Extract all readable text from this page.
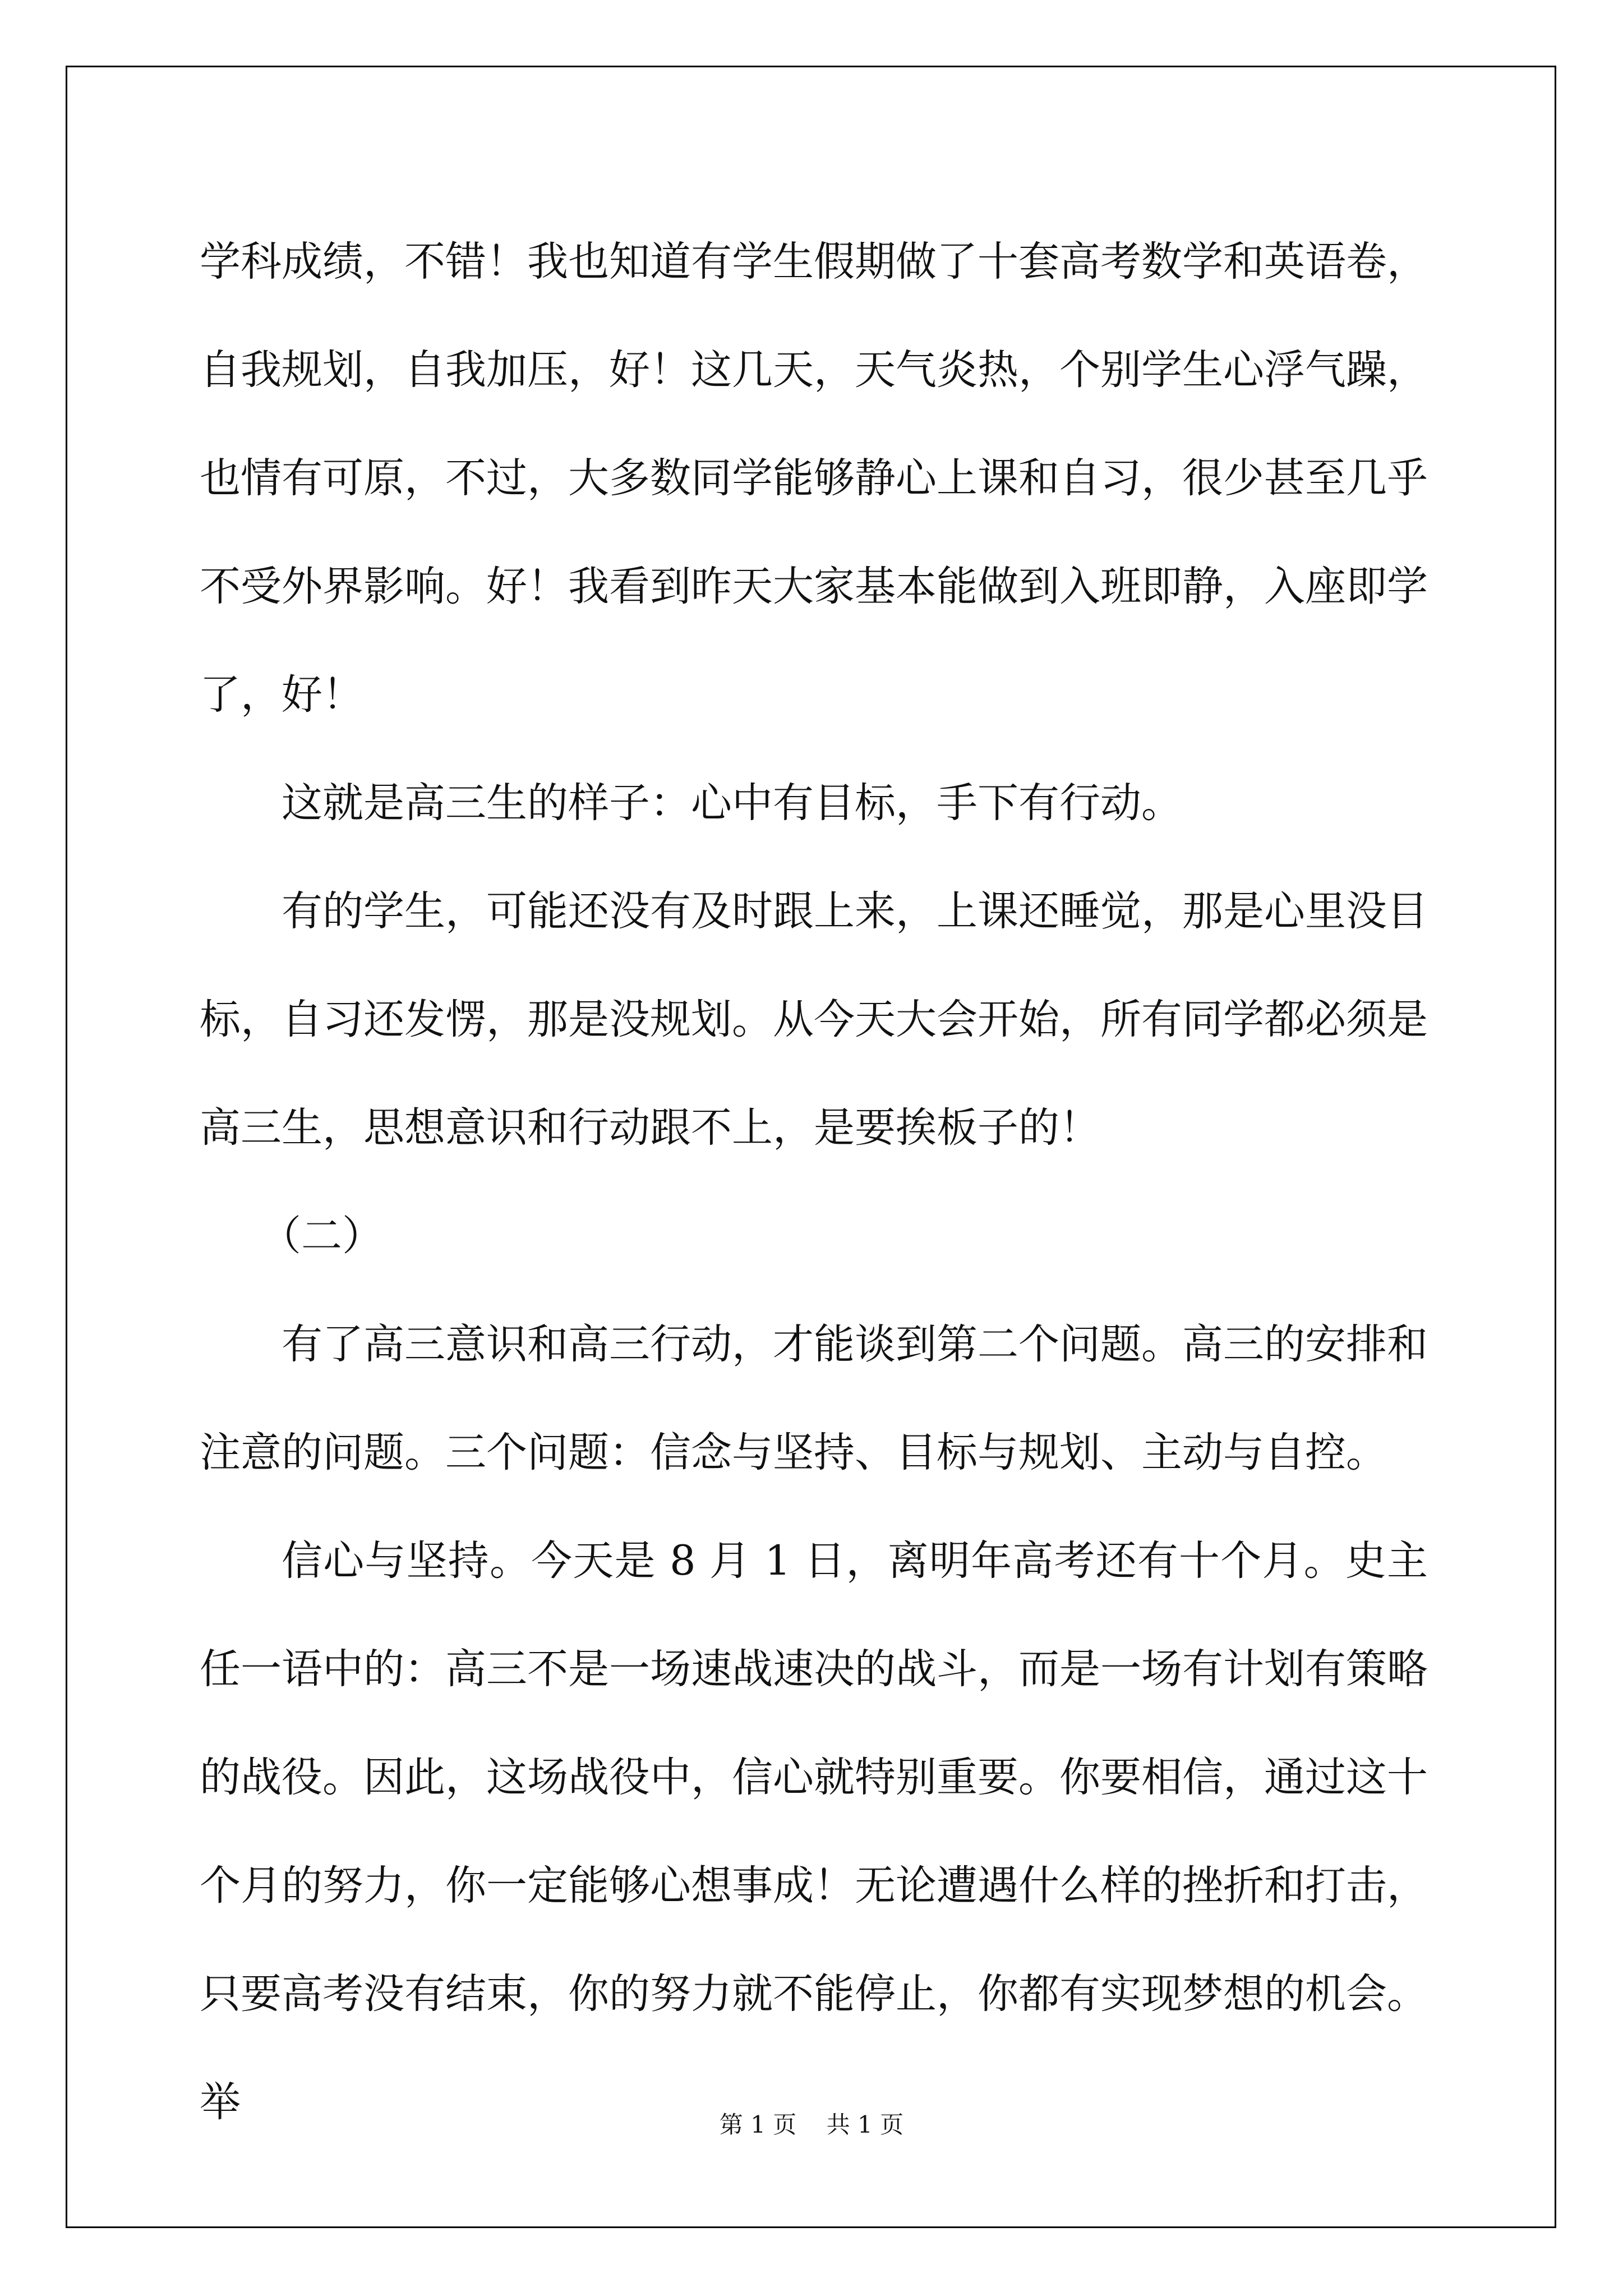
学科成绩，不错！我也知道有学生假期做了十套高考数学和英语卷，自我规划，自我加压，好！这几天，天气炎热，个别学生心浮气躁，也情有可原，不过，大多数同学能够静心上课和自习，很少甚至几乎不受外界影响。好！我看到昨天大家基本能做到入班即静，入座即学了，好！

这就是高三生的样子：心中有目标，手下有行动。

有的学生，可能还没有及时跟上来，上课还睡觉，那是心里没目标，自习还发愣，那是没规划。从今天大会开始，所有同学都必须是高三生，思想意识和行动跟不上，是要挨板子的！

（二）

有了高三意识和高三行动，才能谈到第二个问题。高三的安排和注意的问题。三个问题：信念与坚持、目标与规划、主动与自控。

信心与坚持。今天是 8 月 1 日，离明年高考还有十个月。史主任一语中的：高三不是一场速战速决的战斗，而是一场有计划有策略的战役。因此，这场战役中，信心就特别重要。你要相信，通过这十个月的努力，你一定能够心想事成！无论遭遇什么样的挫折和打击，只要高考没有结束，你的努力就不能停止，你都有实现梦想的机会。举	第 1 页    共 1 页
